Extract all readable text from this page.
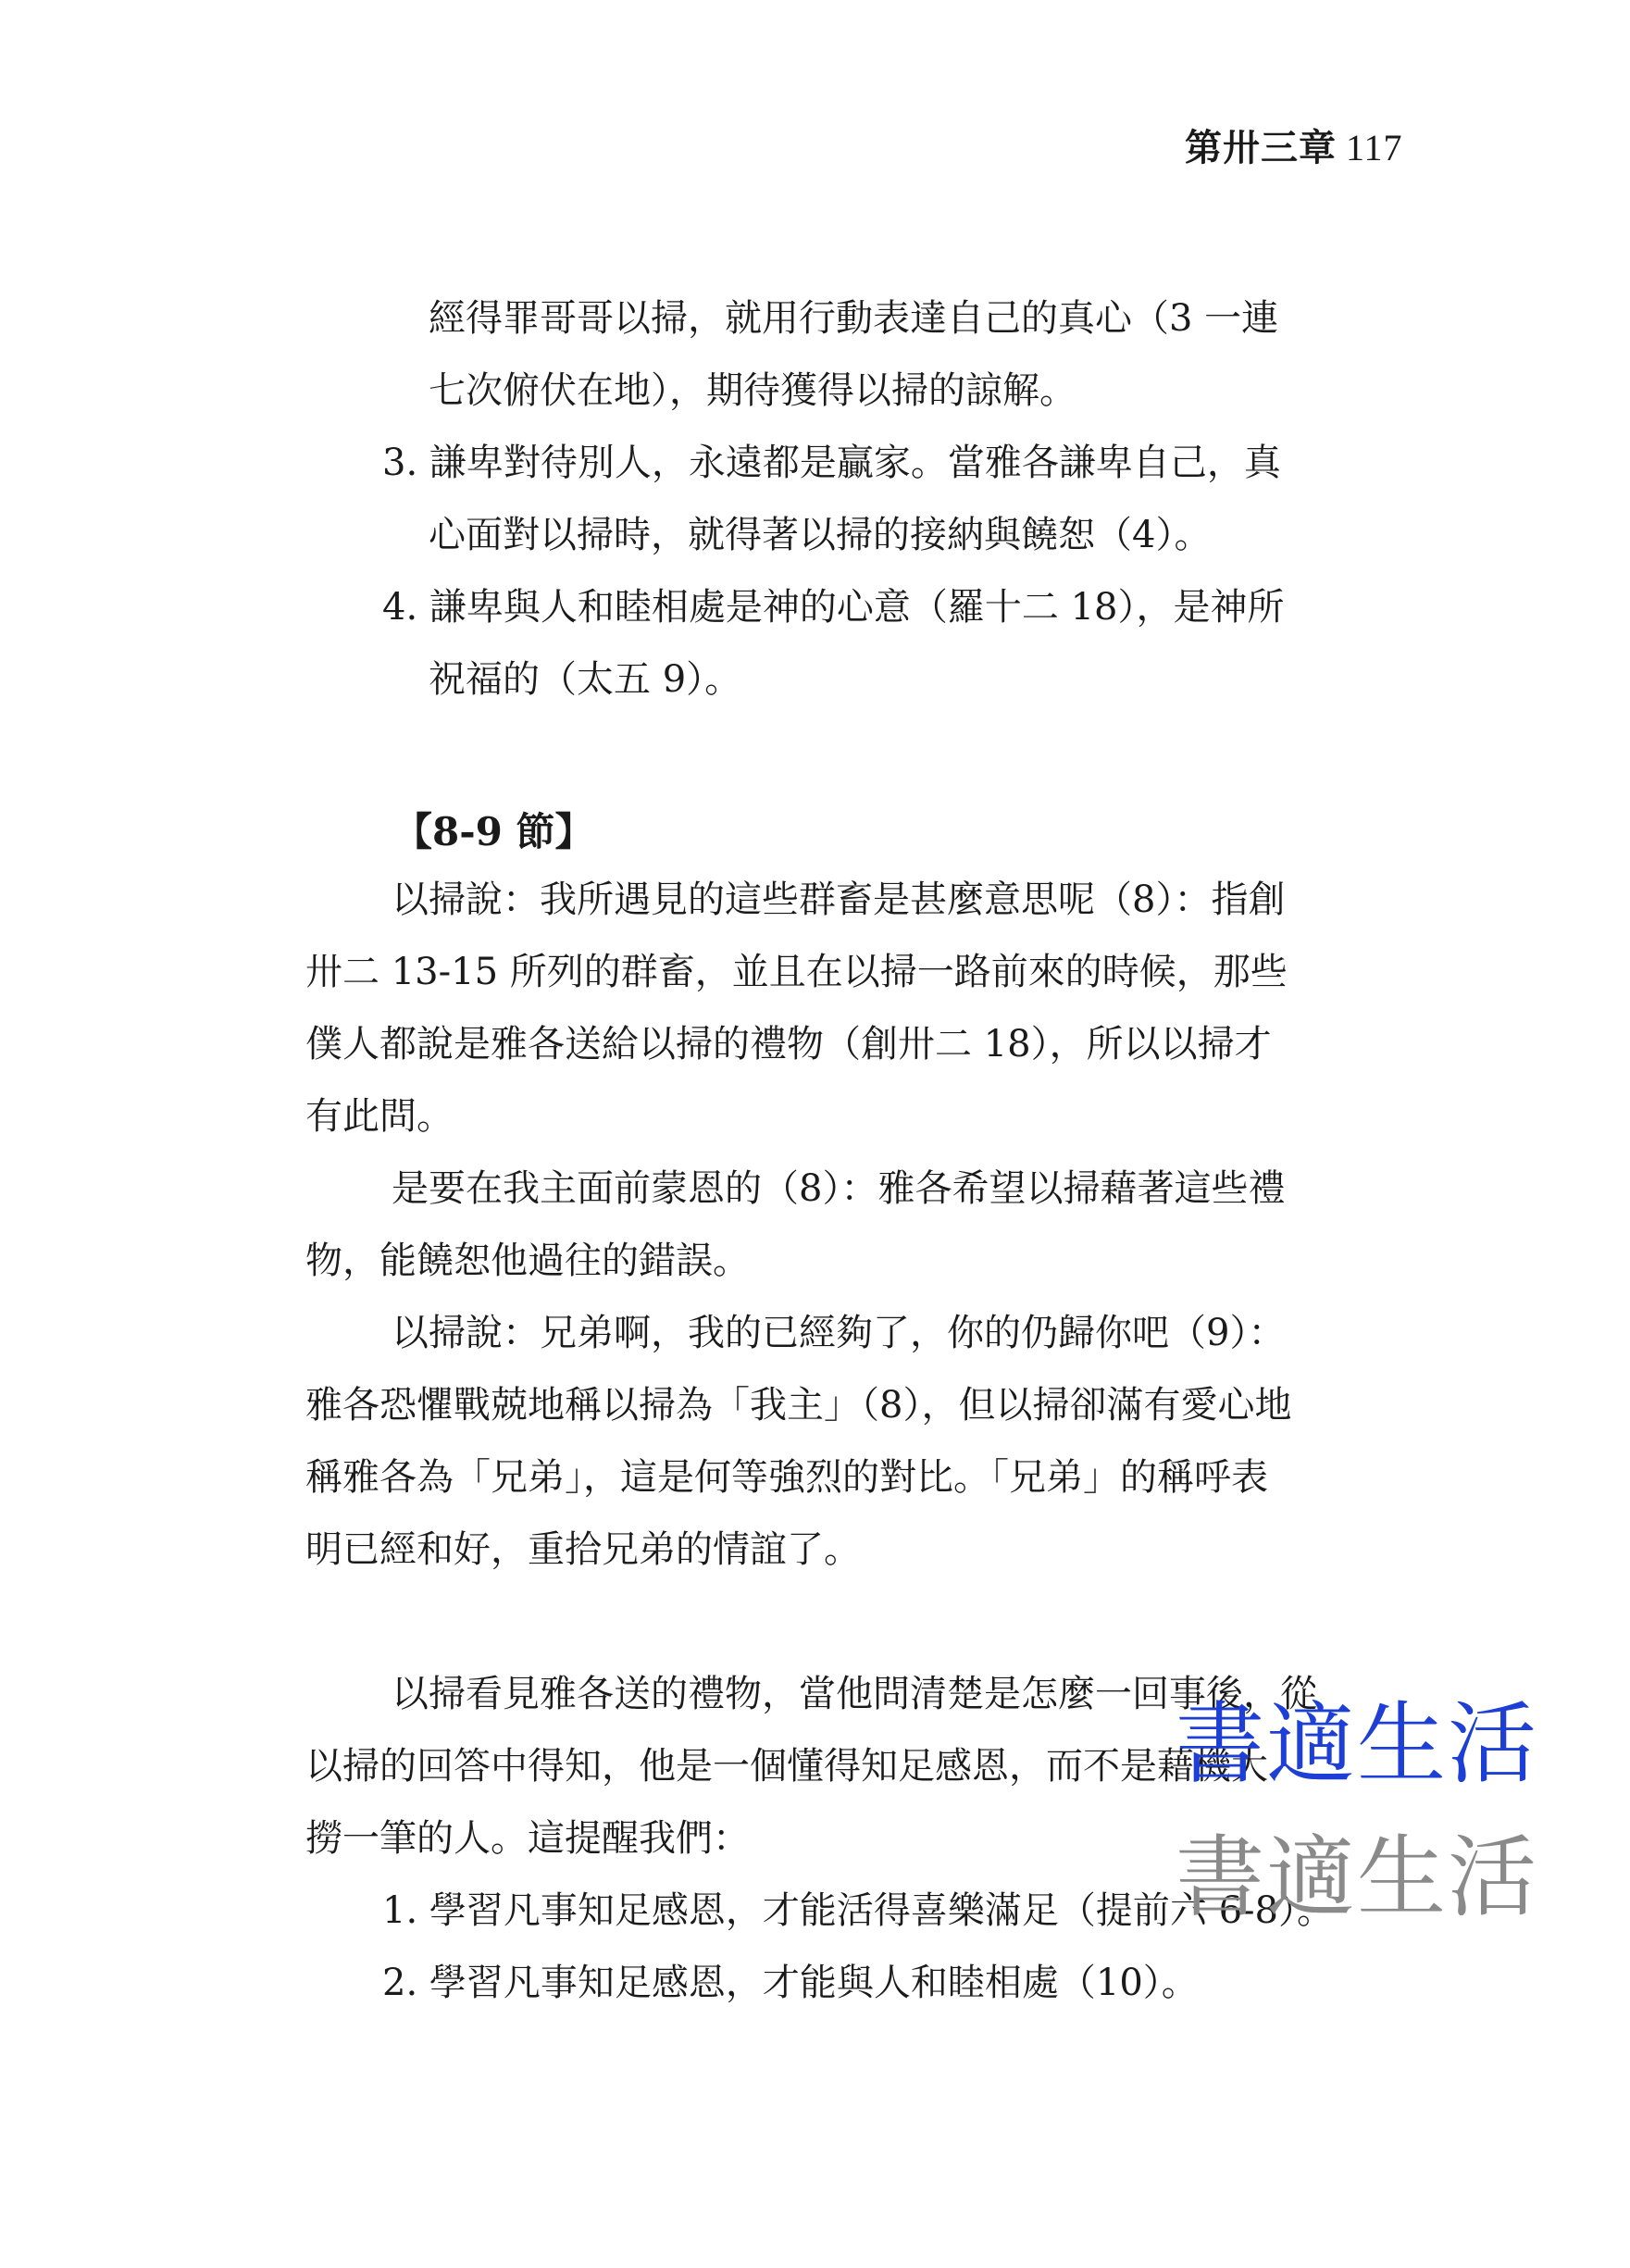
第卅三章 117
經得罪哥哥以掃，就用行動表達自己的真心（3 一連
七次俯伏在地），期待獲得以掃的諒解。
3. 謙卑對待別人，永遠都是贏家。當雅各謙卑自己，真
心面對以掃時，就得著以掃的接納與饒恕（4）。
4. 謙卑與人和睦相處是神的心意（羅十二 18），是神所
祝福的（太五 9）。
【8-9 節】
以掃說：我所遇見的這些群畜是甚麼意思呢（8）：指創
卅二 13-15 所列的群畜，並且在以掃一路前來的時候，那些
僕人都說是雅各送給以掃的禮物（創卅二 18），所以以掃才
有此問。
是要在我主面前蒙恩的（8）：雅各希望以掃藉著這些禮
物，能饒恕他過往的錯誤。
以掃說：兄弟啊，我的已經夠了，你的仍歸你吧（9）：
雅各恐懼戰兢地稱以掃為「我主」（8），但以掃卻滿有愛心地
稱雅各為「兄弟」，這是何等強烈的對比。「兄弟」的稱呼表
明已經和好，重拾兄弟的情誼了。
以掃看見雅各送的禮物，當他問清楚是怎麼一回事後，從
以掃的回答中得知，他是一個懂得知足感恩，而不是藉機大
撈一筆的人。這提醒我們：
1. 學習凡事知足感恩，才能活得喜樂滿足（提前六 6-8）。
2. 學習凡事知足感恩，才能與人和睦相處（10）。
書適生活
書適生活
